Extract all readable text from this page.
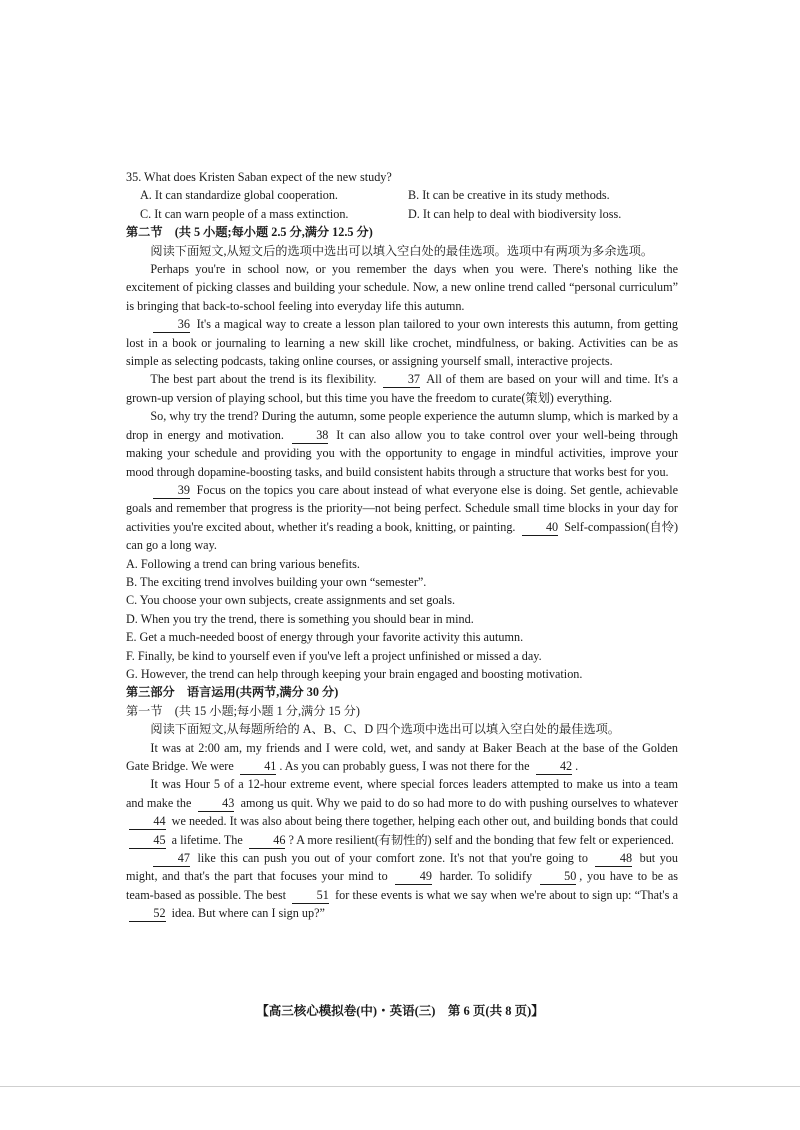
35. What does Kristen Saban expect of the new study?

A. It can standardize global cooperation.	B. It can be creative in its study methods.
C. It can warn people of a mass extinction.	D. It can help to deal with biodiversity loss.

第二节　(共 5 小题;每小题 2.5 分,满分 12.5 分)

阅读下面短文,从短文后的选项中选出可以填入空白处的最佳选项。选项中有两项为多余选项。

Perhaps you're in school now, or you remember the days when you were. There's nothing like the excitement of picking classes and building your schedule. Now, a new online trend called “personal curriculum” is bringing that back-to-school feeling into everyday life this autumn.

36 It's a magical way to create a lesson plan tailored to your own interests this autumn, from getting lost in a book or journaling to learning a new skill like crochet, mindfulness, or baking. Activities can be as simple as selecting podcasts, taking online courses, or assigning yourself small, interactive projects.

The best part about the trend is its flexibility.	37 All of them are based on your will and time. It's a grown-up version of playing school, but this time you have the freedom to curate(策划) everything.

So, why try the trend? During the autumn, some people experience the autumn slump, which is marked by a drop in energy and motivation.	38 It can also allow you to take control over your well-being through making your schedule and providing you with the opportunity to engage in mindful activities, improve your mood through dopamine-boosting tasks, and build consistent habits through a structure that works best for you.

39 Focus on the topics you care about instead of what everyone else is doing. Set gentle, achievable goals and remember that progress is the priority—not being perfect. Schedule small time blocks in your day for activities you're excited about, whether it's reading a book, knitting, or painting. 40 Self-compassion(自怜) can go a long way.

A. Following a trend can bring various benefits.

B. The exciting trend involves building your own “semester”.

C. You choose your own subjects, create assignments and set goals.

D. When you try the trend, there is something you should bear in mind.

E. Get a much-needed boost of energy through your favorite activity this autumn.

F. Finally, be kind to yourself even if you've left a project unfinished or missed a day.

G. However, the trend can help through keeping your brain engaged and boosting motivation.

第三部分　语言运用(共两节,满分 30 分)

第一节　(共 15 小题;每小题 1 分,满分 15 分)

阅读下面短文,从每题所给的 A、B、C、D 四个选项中选出可以填入空白处的最佳选项。

It was at 2:00 am, my friends and I were cold, wet, and sandy at Baker Beach at the base of the Golden Gate Bridge. We were 41 . As you can probably guess, I was not there for the 42 .

It was Hour 5 of a 12-hour extreme event, where special forces leaders attempted to make us into a team and make the	43 among us quit. Why we paid to do so had more to do with pushing ourselves to whatever 44 we needed. It was also about being there together, helping each other out, and building bonds that could 45 a lifetime. The 46 ? A more resilient(有韧性的) self and the bonding that few felt or experienced.

47 like this can push you out of your comfort zone. It's not that you're going to	48 but you might, and that's the part that focuses your mind to	49 harder. To solidify	50 , you have to be as team-based as possible. The best	51 for these events is what we say when we're about to sign up: “That's a 52 idea. But where can I sign up?”

【高三核心模拟卷(中)・英语(三)　第 6 页(共 8 页)】
